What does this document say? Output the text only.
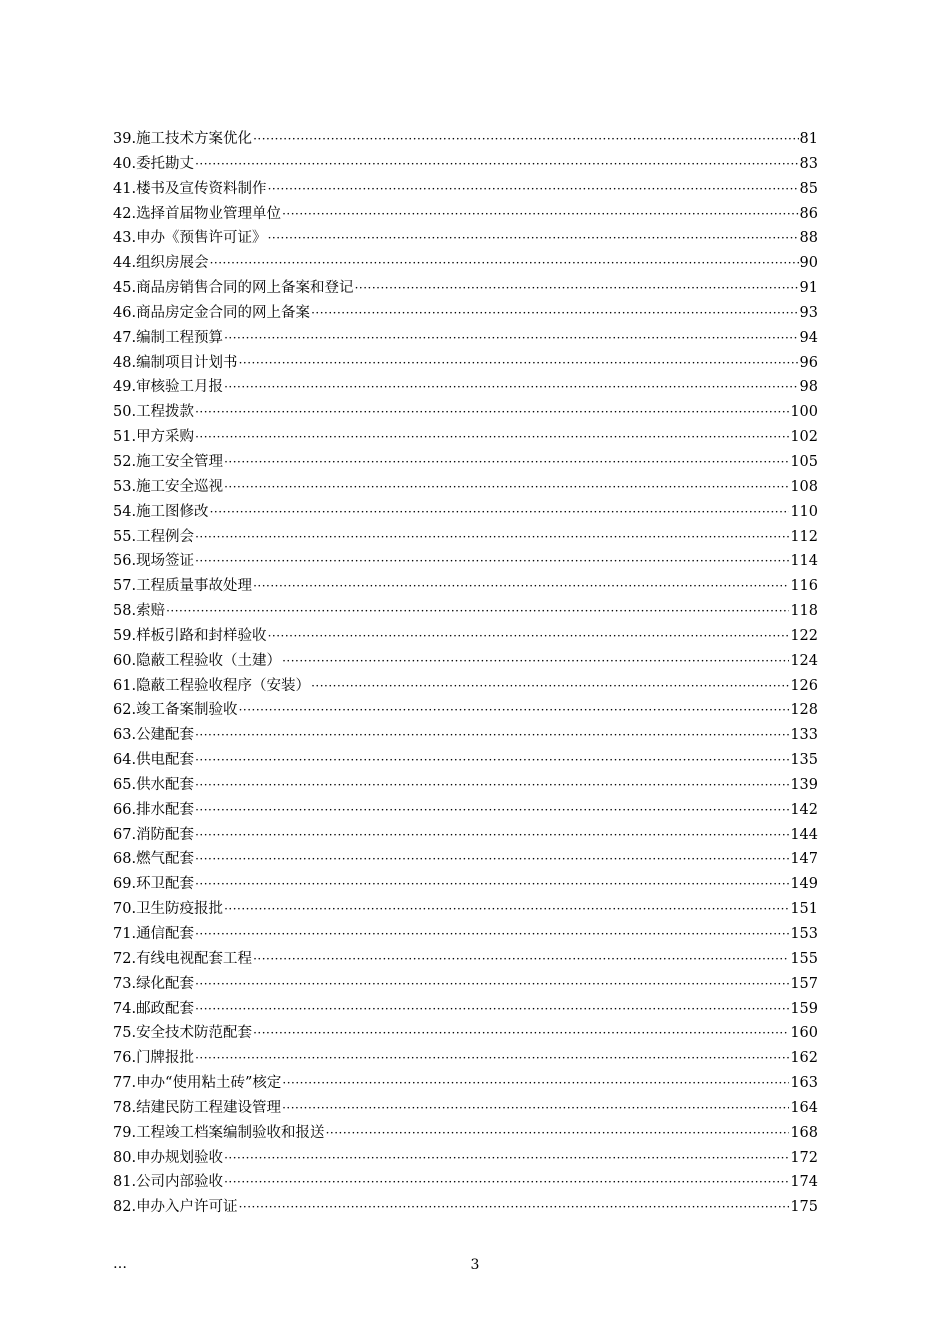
39. 施工技术方案优化 ·····	81
40. 委托勘丈 ·····	83
41. 楼书及宣传资料制作 ·····	85
42. 选择首届物业管理单位 ·····	86
43. 申办《预售许可证》 ·····	88
44. 组织房展会 ·····	90
45. 商品房销售合同的网上备案和登记 ·····	91
46. 商品房定金合同的网上备案 ·····	93
47. 编制工程预算 ·····	94
48. 编制项目计划书 ·····	96
49. 审核验工月报 ·····	98
50. 工程拨款 ·····	100
51. 甲方采购 ·····	102
52. 施工安全管理 ·····	105
53. 施工安全巡视 ·····	108
54. 施工图修改 ·····	110
55. 工程例会 ·····	112
56. 现场签证 ·····	114
57. 工程质量事故处理 ·····	116
58. 索赔 ·····	118
59. 样板引路和封样验收 ·····	122
60. 隐蔽工程验收（土建） ·····	124
61. 隐蔽工程验收程序（安装） ·····	126
62. 竣工备案制验收 ·····	128
63. 公建配套 ·····	133
64. 供电配套 ·····	135
65. 供水配套 ·····	139
66. 排水配套 ·····	142
67. 消防配套 ·····	144
68. 燃气配套 ·····	147
69. 环卫配套 ·····	149
70. 卫生防疫报批 ·····	151
71. 通信配套 ·····	153
72. 有线电视配套工程 ·····	155
73. 绿化配套 ·····	157
74. 邮政配套 ·····	159
75. 安全技术防范配套 ·····	160
76. 门牌报批 ·····	162
77. 申办“使用粘土砖”核定 ·····	163
78. 结建民防工程建设管理 ·····	164
79. 工程竣工档案编制验收和报送 ·····	168
80. 申办规划验收 ·····	172
81. 公司内部验收 ·····	174
82. 申办入户许可证 ·····	175
…	3
